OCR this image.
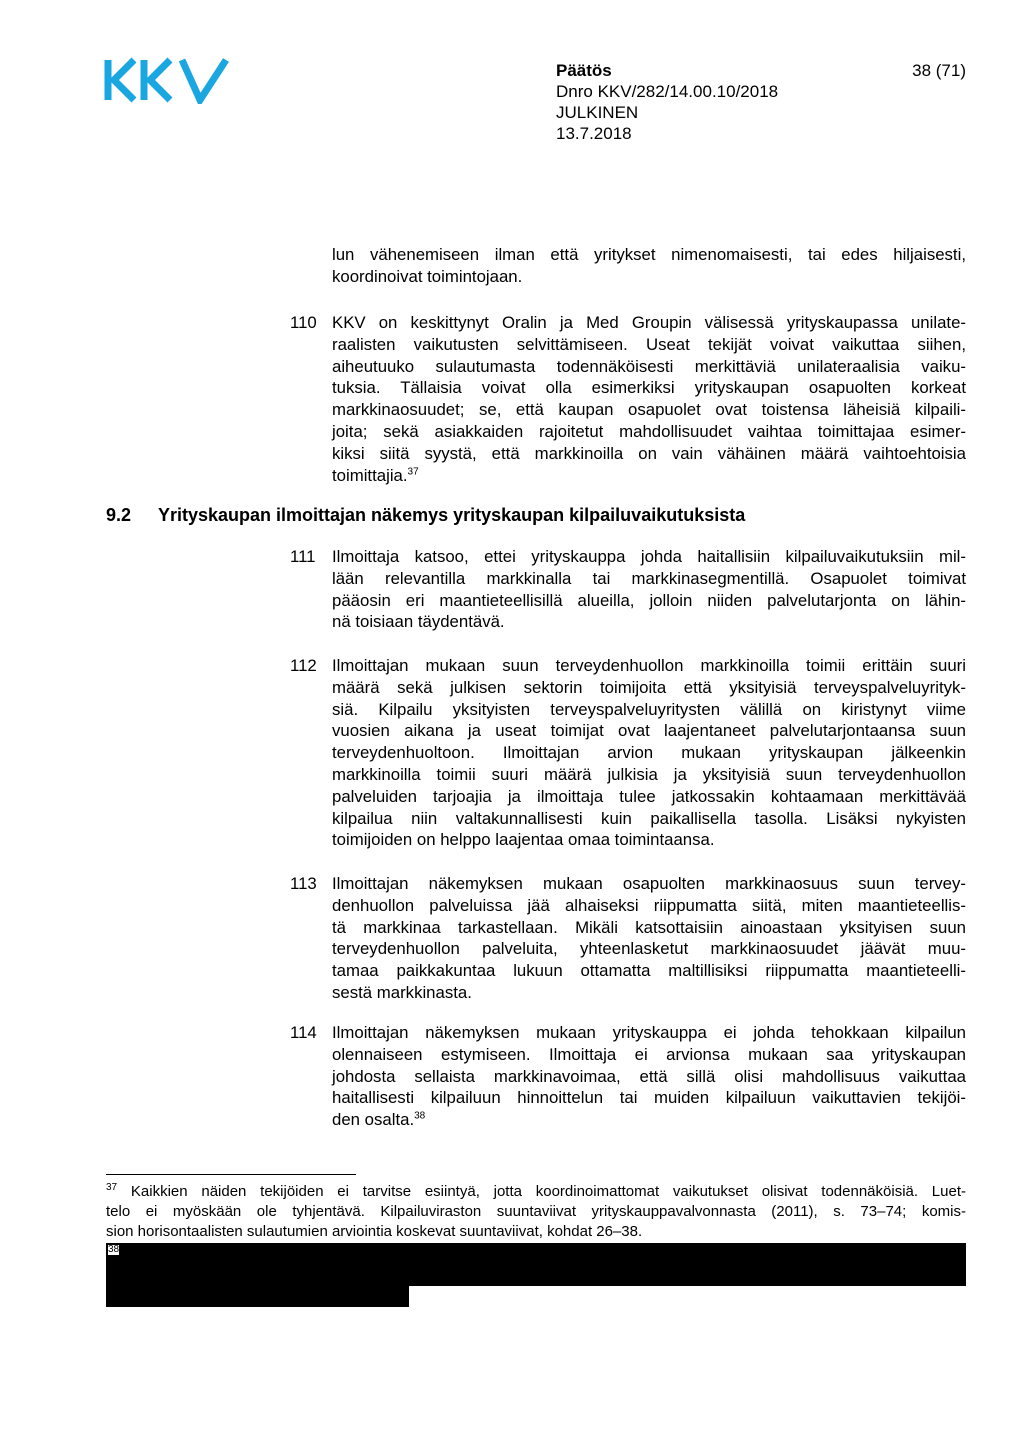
Päätös	38 (71)
Dnro KKV/282/14.00.10/2018
JULKINEN
13.7.2018
lun vähenemiseen ilman että yritykset nimenomaisesti, tai edes hiljaisesti,
koordinoivat toimintojaan.
110 KKV on keskittynyt Oralin ja Med Groupin välisessä yrityskaupassa unilate-
raalisten vaikutusten selvittämiseen. Useat tekijät voivat vaikuttaa siihen,
aiheutuuko sulautumasta todennäköisesti merkittäviä unilateraalisia vaiku-
tuksia. Tällaisia voivat olla esimerkiksi yrityskaupan osapuolten korkeat
markkinaosuudet; se, että kaupan osapuolet ovat toistensa läheisiä kilpaili-
joita; sekä asiakkaiden rajoitetut mahdollisuudet vaihtaa toimittajaa esimer-
kiksi siitä syystä, että markkinoilla on vain vähäinen määrä vaihtoehtoisia
toimittajia.$^{37}$
9.2 Yrityskaupan ilmoittajan näkemys yrityskaupan kilpailuvaikutuksista
111 Ilmoittaja katsoo, ettei yrityskauppa johda haitallisiin kilpailuvaikutuksiin mil-
lään relevantilla markkinalla tai markkinasegmentillä. Osapuolet toimivat
pääosin eri maantieteellisillä alueilla, jolloin niiden palvelutarjonta on lähin-
nä toisiaan täydentävä.
112 Ilmoittajan mukaan suun terveydenhuollon markkinoilla toimii erittäin suuri
määrä sekä julkisen sektorin toimijoita että yksityisiä terveyspalveluyrityk-
siä. Kilpailu yksityisten terveyspalveluyritysten välillä on kiristynyt viime
vuosien aikana ja useat toimijat ovat laajentaneet palvelutarjontaansa suun
terveydenhuoltoon. Ilmoittajan arvion mukaan yrityskaupan jälkeenkin
markkinoilla toimii suuri määrä julkisia ja yksityisiä suun terveydenhuollon
palveluiden tarjoajia ja ilmoittaja tulee jatkossakin kohtaamaan merkittävää
kilpailua niin valtakunnallisesti kuin paikallisella tasolla. Lisäksi nykyisten
toimijoiden on helppo laajentaa omaa toimintaansa.
113 Ilmoittajan näkemyksen mukaan osapuolten markkinaosuus suun tervey-
denhuollon palveluissa jää alhaiseksi riippumatta siitä, miten maantieteellis-
tä markkinaa tarkastellaan. Mikäli katsottaisiin ainoastaan yksityisen suun
terveydenhuollon palveluita, yhteenlasketut markkinaosuudet jäävät muu-
tamaa paikkakuntaa lukuun ottamatta maltillisiksi riippumatta maantieteelli-
sestä markkinasta.
114 Ilmoittajan näkemyksen mukaan yrityskauppa ei johda tehokkaan kilpailun
olennaiseen estymiseen. Ilmoittaja ei arvionsa mukaan saa yrityskaupan
johdosta sellaista markkinavoimaa, että sillä olisi mahdollisuus vaikuttaa
haitallisesti kilpailuun hinnoittelun tai muiden kilpailuun vaikuttavien tekijöi-
den osalta.$^{38}$
$^{37}$ Kaikkien näiden tekijöiden ei tarvitse esiintyä, jotta koordinoimattomat vaikutukset olisivat todennäköisiä. Luet-
telo ei myöskään ole tyhjentävä. Kilpailuviraston suuntaviivat yrityskauppavalvonnasta (2011), s. 73–74; komis-
sion horisontaalisten sulautumien arviointia koskevat suuntaviivat, kohdat 26–38.
38
